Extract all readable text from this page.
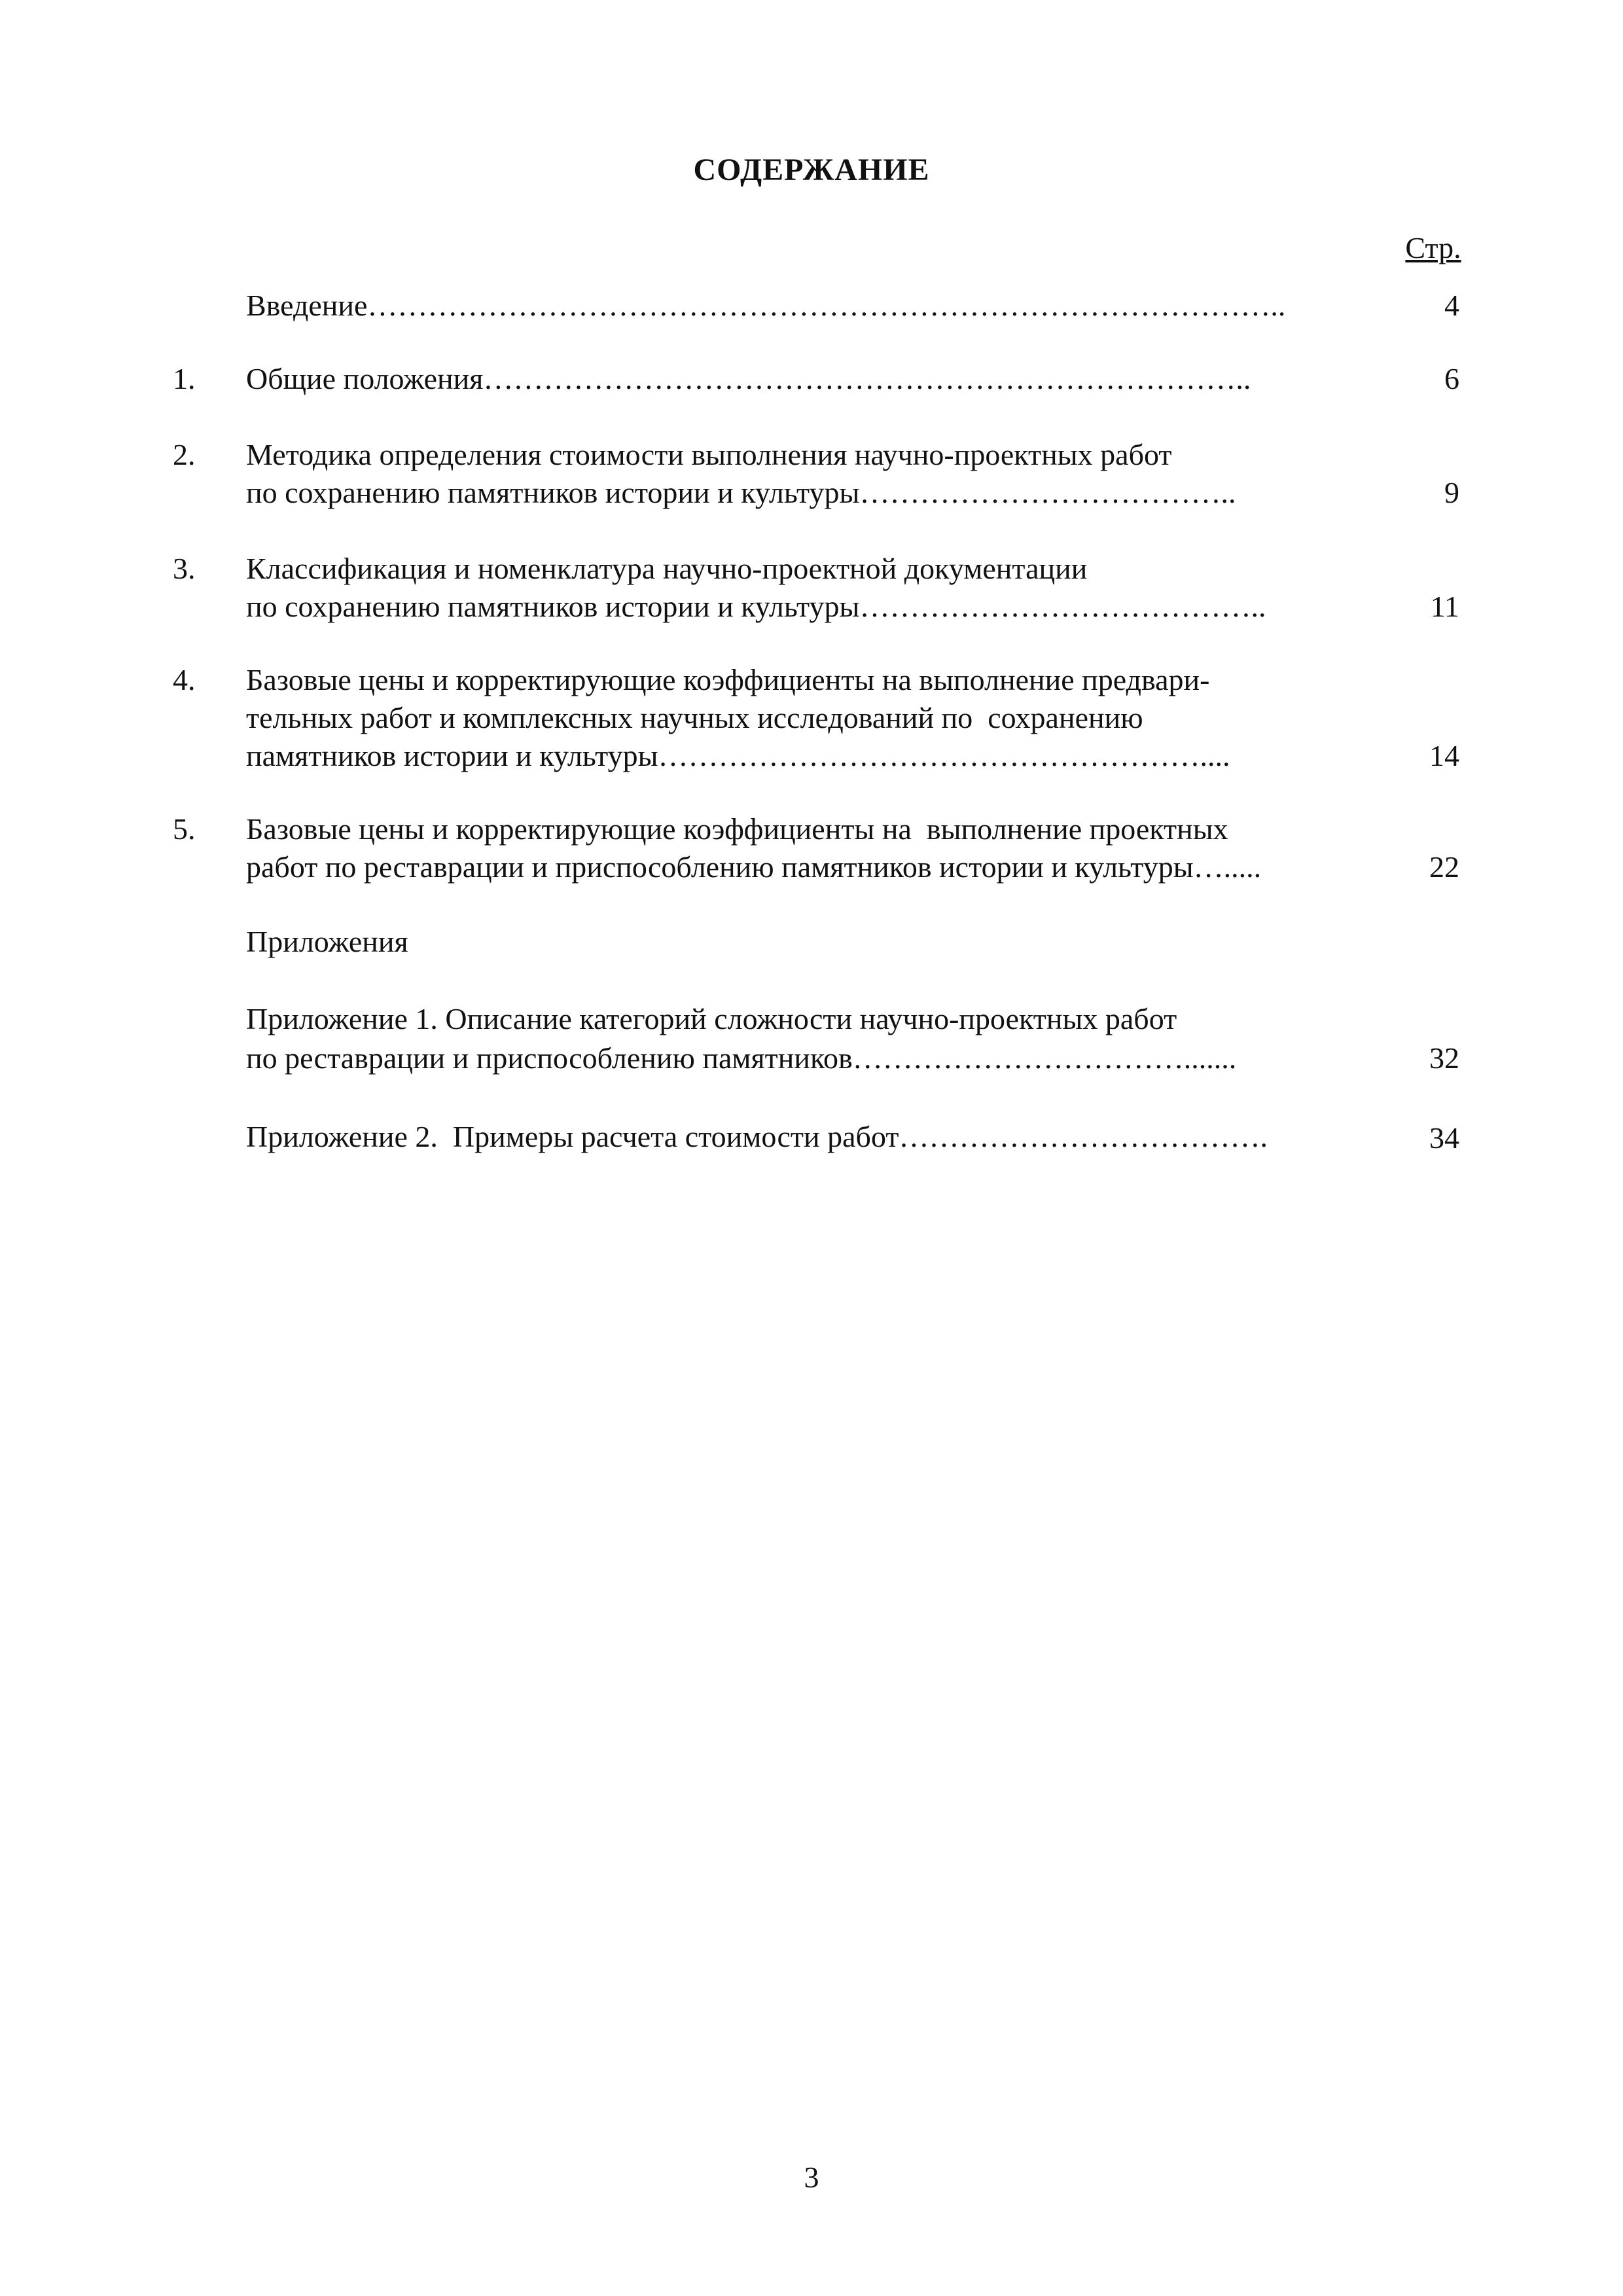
СОДЕРЖАНИЕ
Стр.
Введение………………………………………………………………………………..	4
1. Общие положения…………………………………………………………………..	6
2. Методика определения стоимости выполнения научно-проектных работ
по сохранению памятников истории и культуры………………………………..	9
3. Классификация и номенклатура научно-проектной документации
по сохранению памятников истории и культуры…………………………………..	11
4. Базовые цены и корректирующие коэффициенты на выполнение предвари-
тельных работ и комплексных научных исследований по  сохранению
памятников истории и культуры………………………………………………....	14
5. Базовые цены и корректирующие коэффициенты на  выполнение проектных
работ по реставрации и приспособлению памятников истории и культуры….....	22
Приложения
Приложение 1. Описание категорий сложности научно-проектных работ
по реставрации и приспособлению памятников…………………………….......	32
Приложение 2.  Примеры расчета стоимости работ……………………………….	34
3
